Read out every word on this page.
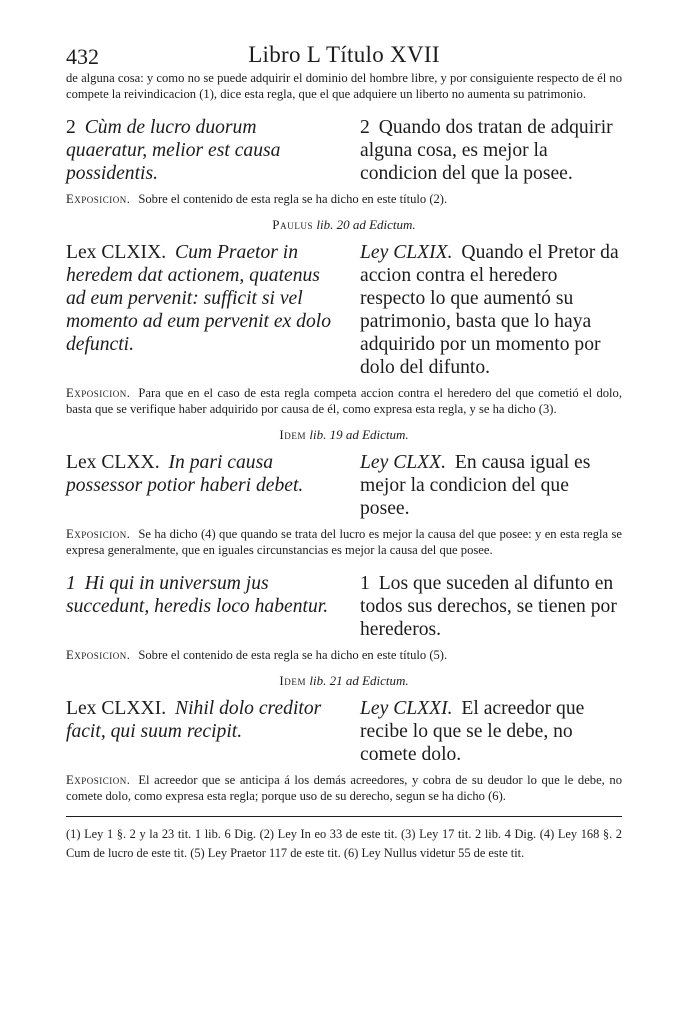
432	Libro L Título XVII
de alguna cosa: y como no se puede adquirir el dominio del hombre libre, y por consiguiente respecto de él no compete la reivindicacion (1), dice esta regla, que el que adquiere un liberto no aumenta su patrimonio.
2 Cùm de lucro duorum quaeratur, melior est causa possidentis.
2 Quando dos tratan de adquirir alguna cosa, es mejor la condicion del que la posee.
Exposicion. Sobre el contenido de esta regla se ha dicho en este título (2).
Paulus lib. 20 ad Edictum.
Lex CLXIX. Cum Praetor in heredem dat actionem, quatenus ad eum pervenit: sufficit si vel momento ad eum pervenit ex dolo defuncti.
Ley CLXIX. Quando el Pretor da accion contra el heredero respecto lo que aumentó su patrimonio, basta que lo haya adquirido por un momento por dolo del difunto.
Exposicion. Para que en el caso de esta regla competa accion contra el heredero del que cometió el dolo, basta que se verifique haber adquirido por causa de él, como expresa esta regla, y se ha dicho (3).
Idem lib. 19 ad Edictum.
Lex CLXX. In pari causa possessor potior haberi debet.
Ley CLXX. En causa igual es mejor la condicion del que posee.
Exposicion. Se ha dicho (4) que quando se trata del lucro es mejor la causa del que posee: y en esta regla se expresa generalmente, que en iguales circunstancias es mejor la causa del que posee.
1 Hi qui in universum jus succedunt, heredis loco habentur.
1 Los que suceden al difunto en todos sus derechos, se tienen por herederos.
Exposicion. Sobre el contenido de esta regla se ha dicho en este título (5).
Idem lib. 21 ad Edictum.
Lex CLXXI. Nihil dolo creditor facit, qui suum recipit.
Ley CLXXI. El acreedor que recibe lo que se le debe, no comete dolo.
Exposicion. El acreedor que se anticipa á los demás acreedores, y cobra de su deudor lo que le debe, no comete dolo, como expresa esta regla; porque uso de su derecho, segun se ha dicho (6).
(1) Ley 1 §. 2 y la 23 tit. 1 lib. 6 Dig. (2) Ley In eo 33 de este tit. (3) Ley 17 tit. 2 lib. 4 Dig. (4) Ley 168 §. 2 Cum de lucro de este tit. (5) Ley Praetor 117 de este tit. (6) Ley Nullus videtur 55 de este tit.
